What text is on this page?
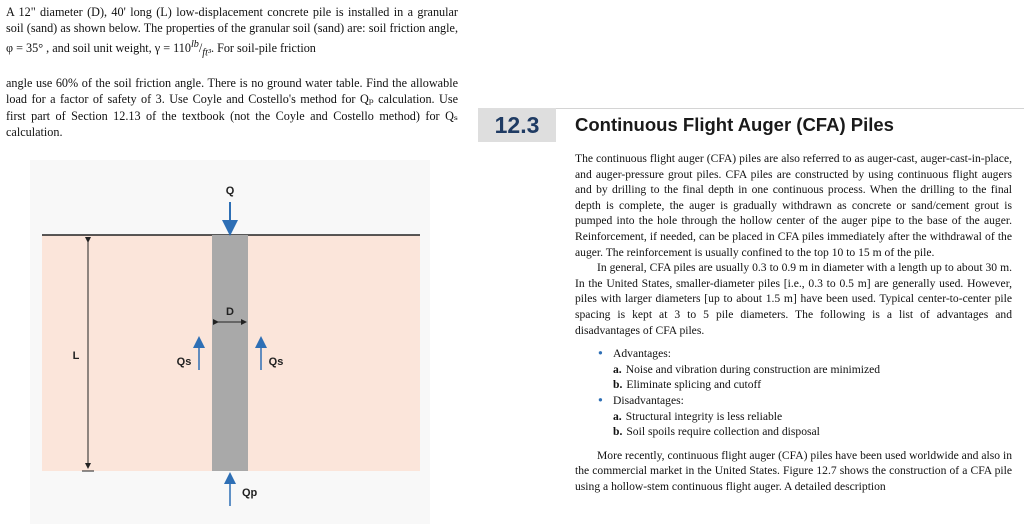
A 12" diameter (D), 40' long (L) low-displacement concrete pile is installed in a granular soil (sand) as shown below. The properties of the granular soil (sand) are: soil friction angle, φ = 35° , and soil unit weight, $\gamma = 110^{lb}/_{ft^3}$. For soil-pile friction

angle use 60% of the soil friction angle. There is no ground water table. Find the allowable load for a factor of safety of 3. Use Coyle and Costello's method for Qₚ calculation. Use first part of Section 12.13 of the textbook (not the Coyle and Costello method) for Qₛ calculation.

Q
D
L	Qs	Qs
Qp
12.3	Continuous Flight Auger (CFA) Piles

The continuous flight auger (CFA) piles are also referred to as auger-cast, auger-cast-in-place, and auger-pressure grout piles. CFA piles are constructed by using continuous flight augers and by drilling to the final depth in one continuous process. When the drilling to the final depth is complete, the auger is gradually withdrawn as concrete or sand/cement grout is pumped into the hole through the hollow center of the auger pipe to the base of the auger. Reinforcement, if needed, can be placed in CFA piles immediately after the withdrawal of the auger. The reinforcement is usually confined to the top 10 to 15 m of the pile.

In general, CFA piles are usually 0.3 to 0.9 m in diameter with a length up to about 30 m. In the United States, smaller-diameter piles [i.e., 0.3 to 0.5 m] are generally used. However, piles with larger diameters [up to about 1.5 m] have been used. Typical center-to-center pile spacing is kept at 3 to 5 pile diameters. The following is a list of advantages and disadvantages of CFA piles.

• Advantages:
a. Noise and vibration during construction are minimized
b. Eliminate splicing and cutoff
• Disadvantages:
a. Structural integrity is less reliable
b. Soil spoils require collection and disposal

More recently, continuous flight auger (CFA) piles have been used worldwide and also in the commercial market in the United States. Figure 12.7 shows the construction of a CFA pile using a hollow-stem continuous flight auger. A detailed description
